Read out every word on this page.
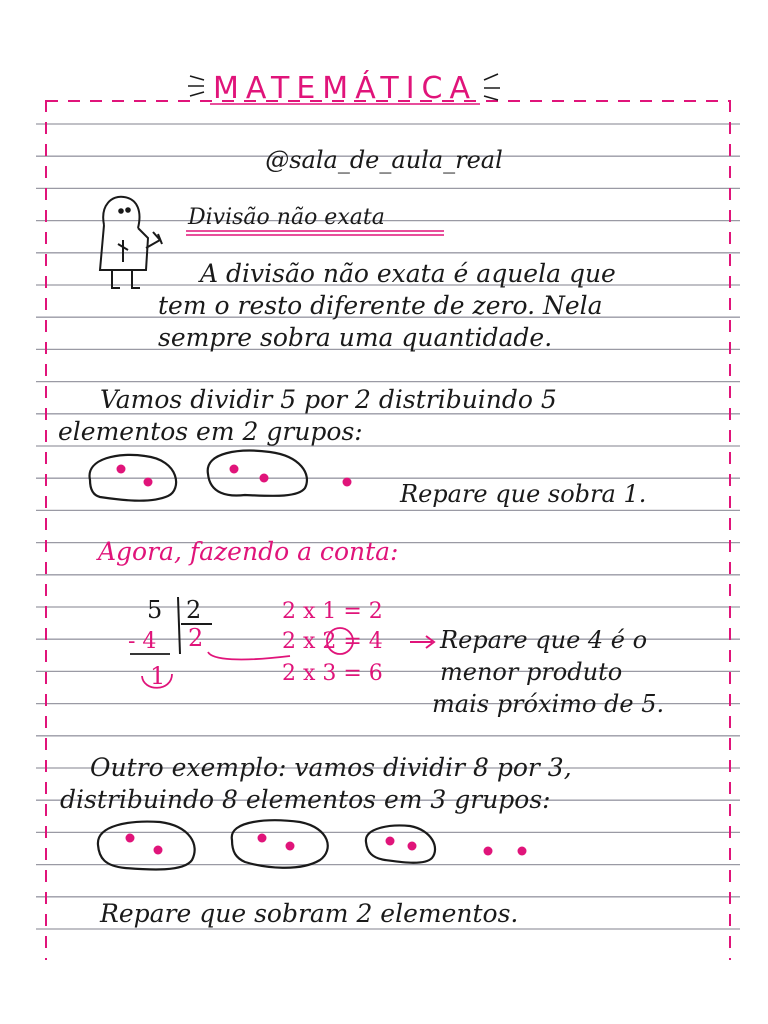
MATEMÁTICA
@sala_de_aula_real
Divisão não exata
A divisão não exata é aquela que
tem o resto diferente de zero. Nela
sempre sobra uma quantidade.
Vamos dividir 5 por 2 distribuindo 5
elementos em 2 grupos:
Repare que sobra 1.
Agora, fazendo a conta:
5 2
- 4 2
1
2 x 1 = 2
2 x 2 = 4
2 x 3 = 6
Repare que 4 é o
menor produto
mais próximo de 5.
Outro exemplo: vamos dividir 8 por 3,
distribuindo 8 elementos em 3 grupos:
Repare que sobram 2 elementos.
